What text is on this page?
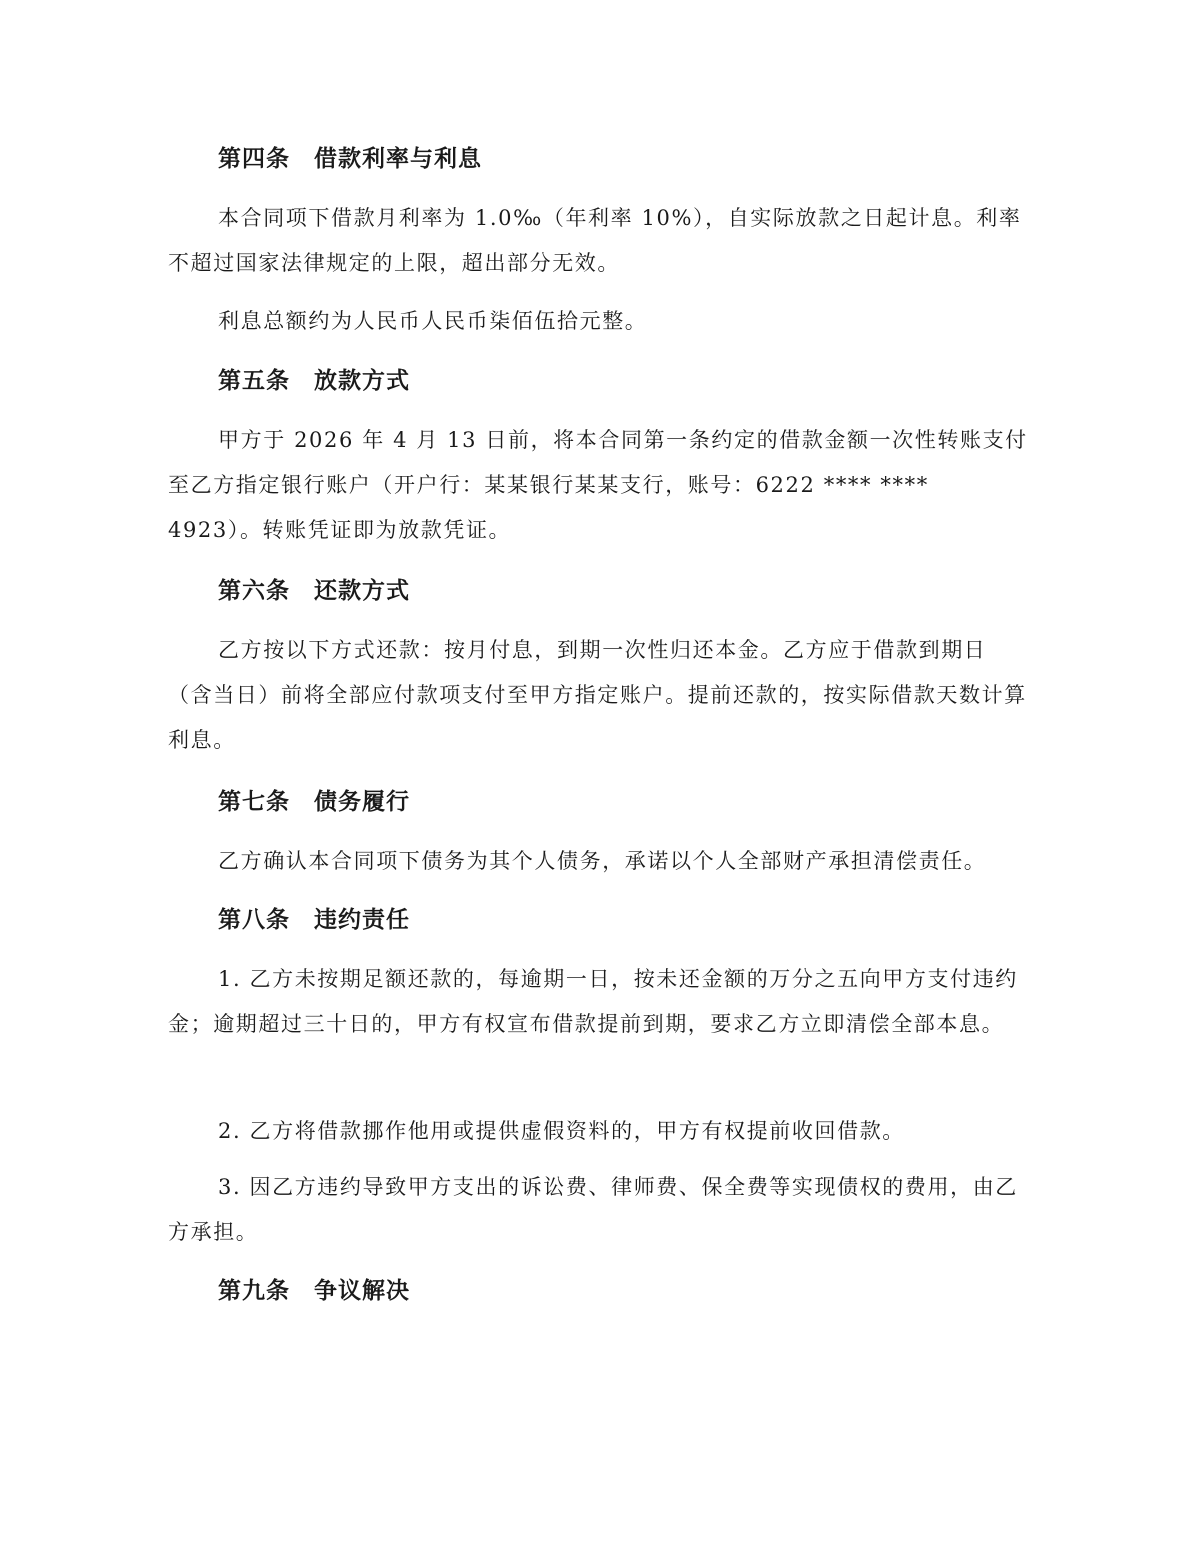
第四条　借款利率与利息
本合同项下借款月利率为 1.0‰（年利率 10%），自实际放款之日起计息。利率不超过国家法律规定的上限，超出部分无效。
利息总额约为人民币人民币柒佰伍拾元整。
第五条　放款方式
甲方于 2026 年 4 月 13 日前，将本合同第一条约定的借款金额一次性转账支付至乙方指定银行账户（开户行：某某银行某某支行，账号：6222 **** **** 4923）。转账凭证即为放款凭证。
第六条　还款方式
乙方按以下方式还款：按月付息，到期一次性归还本金。乙方应于借款到期日（含当日）前将全部应付款项支付至甲方指定账户。提前还款的，按实际借款天数计算利息。
第七条　债务履行
乙方确认本合同项下债务为其个人债务，承诺以个人全部财产承担清偿责任。
第八条　违约责任
1. 乙方未按期足额还款的，每逾期一日，按未还金额的万分之五向甲方支付违约金；逾期超过三十日的，甲方有权宣布借款提前到期，要求乙方立即清偿全部本息。
2. 乙方将借款挪作他用或提供虚假资料的，甲方有权提前收回借款。
3. 因乙方违约导致甲方支出的诉讼费、律师费、保全费等实现债权的费用，由乙方承担。
第九条　争议解决
